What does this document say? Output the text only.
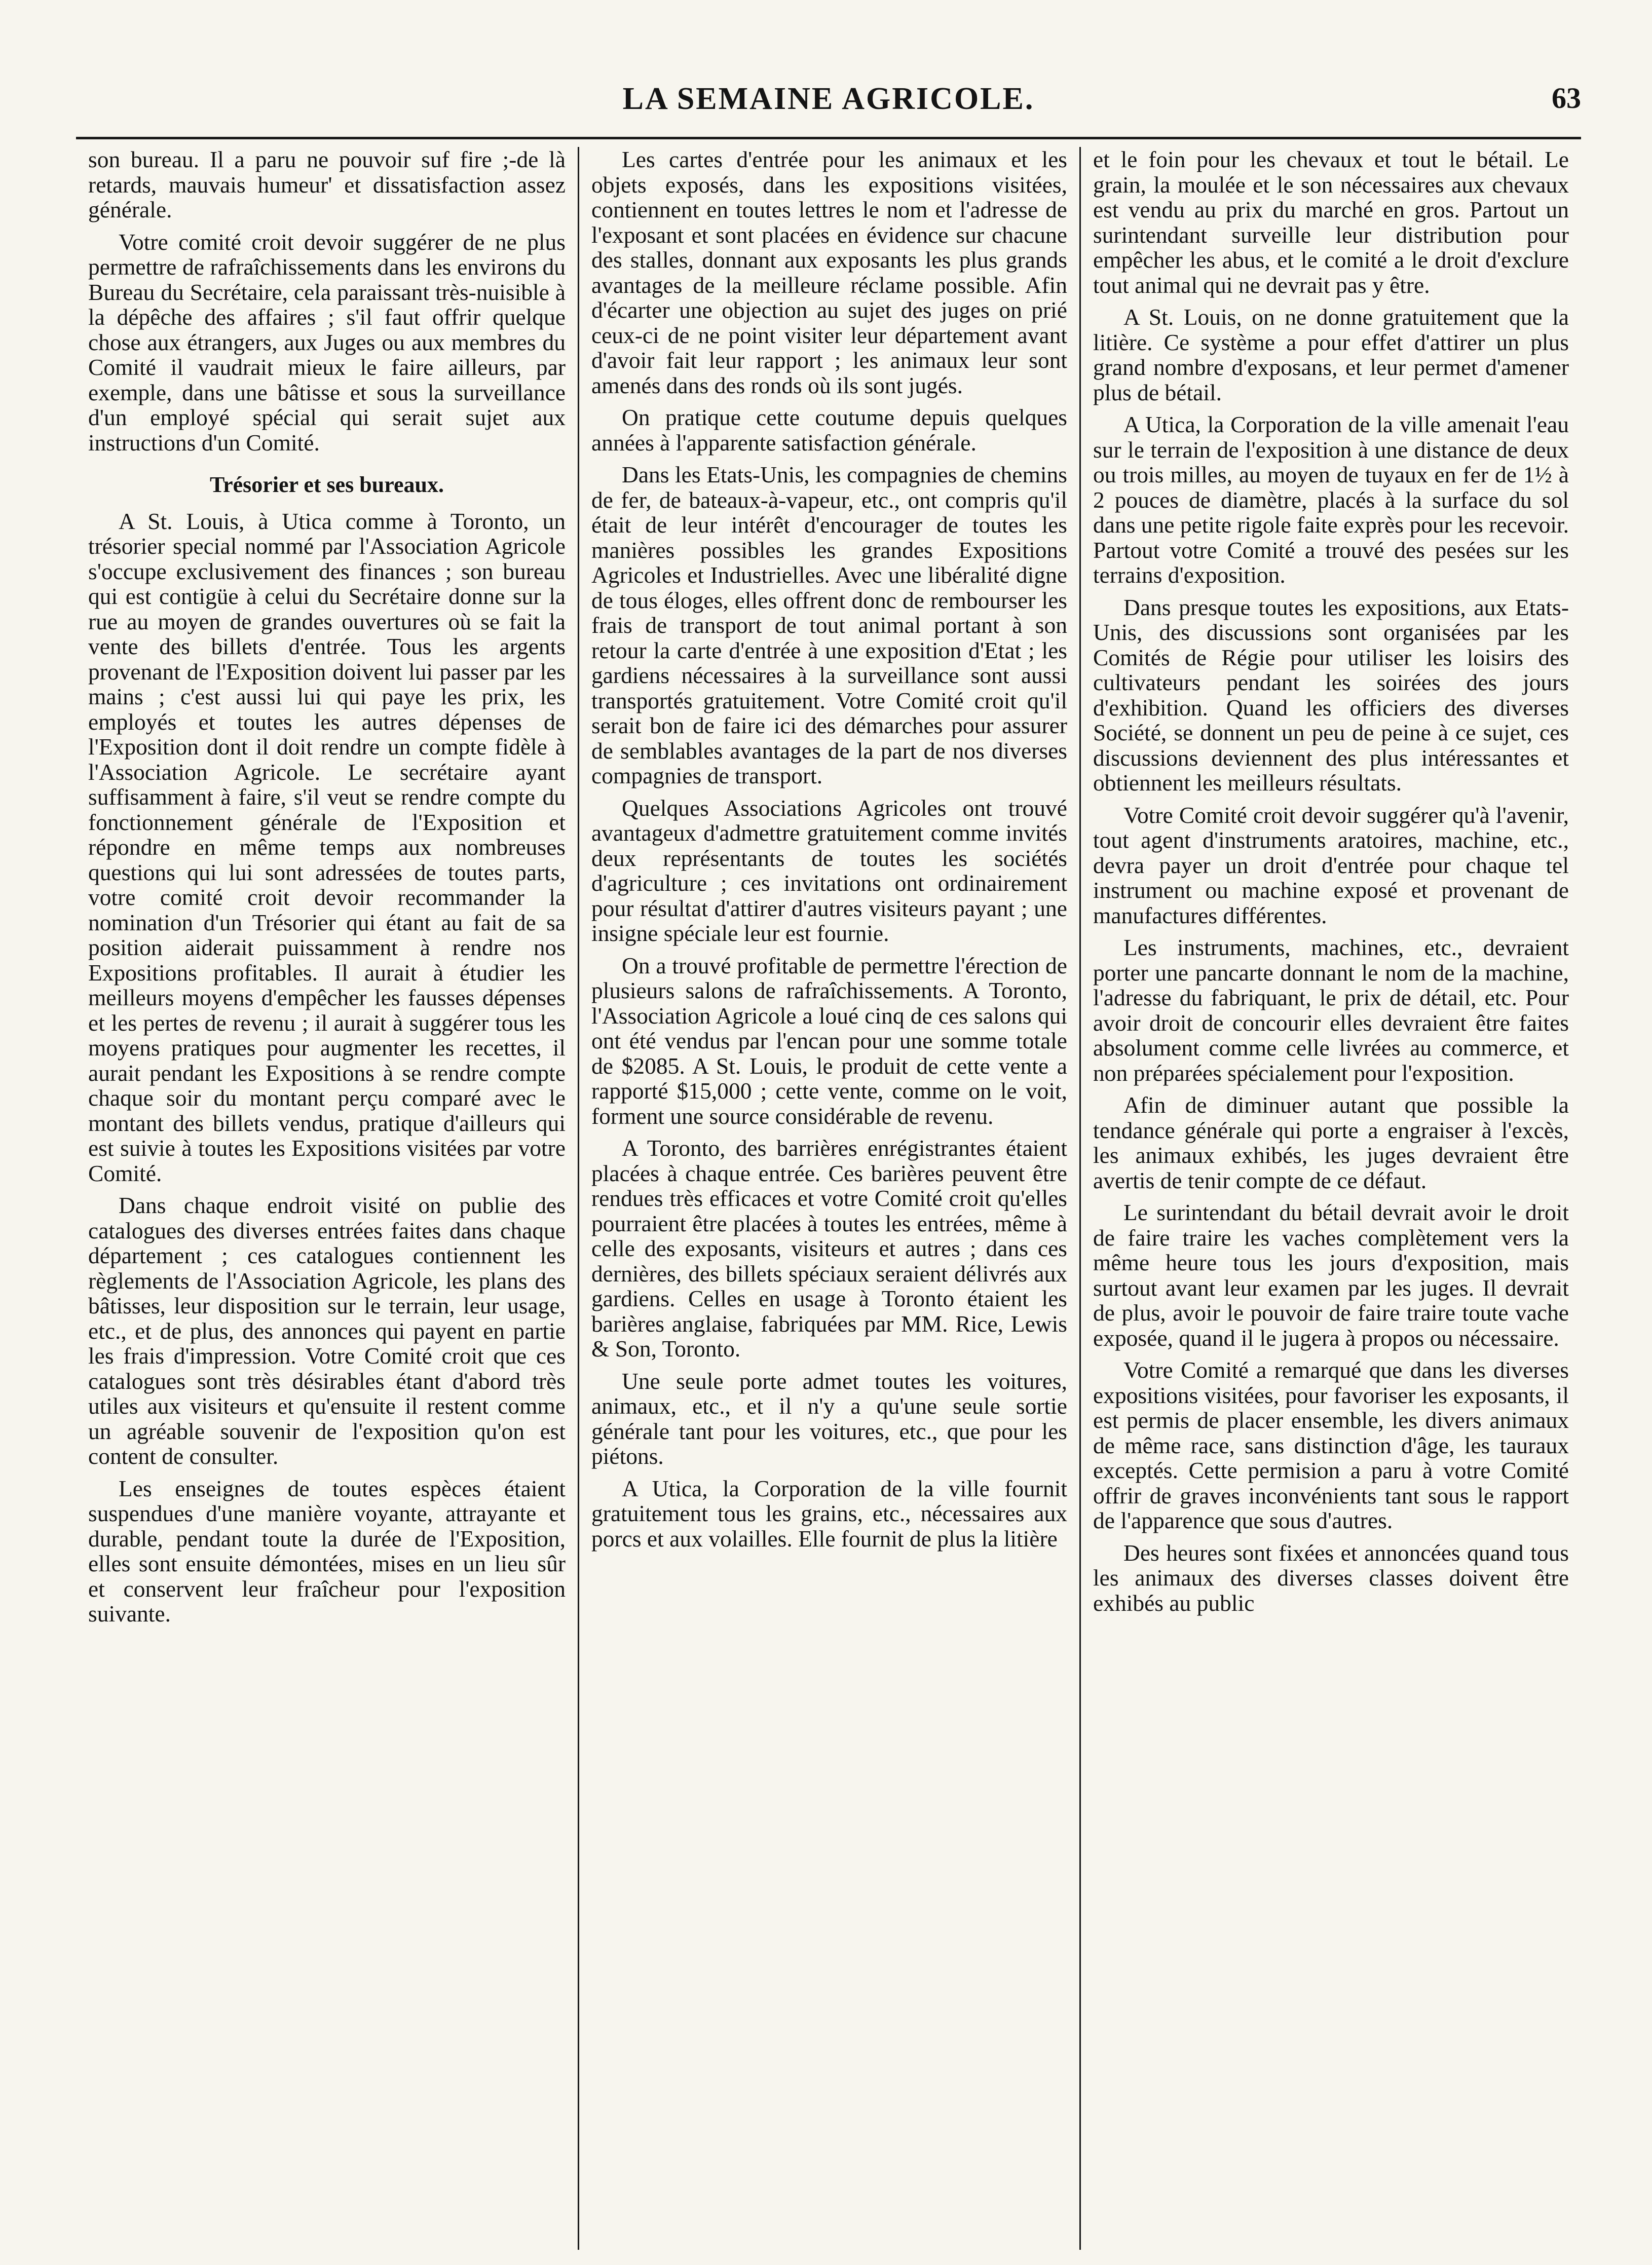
LA SEMAINE AGRICOLE.	63

son bureau. Il a paru ne pouvoir suf fire ;-de là retards, mauvais humeur' et dissatisfaction assez générale.

Votre comité croit devoir suggérer de ne plus permettre de rafraîchissements dans les environs du Bureau du Secrétaire, cela paraissant très-nuisible à la dépêche des affaires ; s'il faut offrir quelque chose aux étrangers, aux Juges ou aux membres du Comité il vaudrait mieux le faire ailleurs, par exemple, dans une bâtisse et sous la surveillance d'un employé spécial qui serait sujet aux instructions d'un Comité.

Trésorier et ses bureaux.

A St. Louis, à Utica comme à Toronto, un trésorier special nommé par l'Association Agricole s'occupe exclusivement des finances ; son bureau qui est contigüe à celui du Secrétaire donne sur la rue au moyen de grandes ouvertures où se fait la vente des billets d'entrée. Tous les argents provenant de l'Exposition doivent lui passer par les mains ; c'est aussi lui qui paye les prix, les employés et toutes les autres dépenses de l'Exposition dont il doit rendre un compte fidèle à l'Association Agricole. Le secrétaire ayant suffisamment à faire, s'il veut se rendre compte du fonctionnement générale de l'Exposition et répondre en même temps aux nombreuses questions qui lui sont adressées de toutes parts, votre comité croit devoir recommander la nomination d'un Trésorier qui étant au fait de sa position aiderait puissamment à rendre nos Expositions profitables. Il aurait à étudier les meilleurs moyens d'empêcher les fausses dépenses et les pertes de revenu ; il aurait à suggérer tous les moyens pratiques pour augmenter les recettes, il aurait pendant les Expositions à se rendre compte chaque soir du montant perçu comparé avec le montant des billets vendus, pratique d'ailleurs qui est suivie à toutes les Expositions visitées par votre Comité.

Dans chaque endroit visité on publie des catalogues des diverses entrées faites dans chaque département ; ces catalogues contiennent les règlements de l'Association Agricole, les plans des bâtisses, leur disposition sur le terrain, leur usage, etc., et de plus, des annonces qui payent en partie les frais d'impression. Votre Comité croit que ces catalogues sont très désirables étant d'abord très utiles aux visiteurs et qu'ensuite il restent comme un agréable souvenir de l'exposition qu'on est content de consulter.

Les enseignes de toutes espèces étaient suspendues d'une manière voyante, attrayante et durable, pendant toute la durée de l'Exposition, elles sont ensuite démontées, mises en un lieu sûr et conservent leur fraîcheur pour l'exposition suivante.

Les cartes d'entrée pour les animaux et les objets exposés, dans les expositions visitées, contiennent en toutes lettres le nom et l'adresse de l'exposant et sont placées en évidence sur chacune des stalles, donnant aux exposants les plus grands avantages de la meilleure réclame possible. Afin d'écarter une objection au sujet des juges on prié ceux-ci de ne point visiter leur département avant d'avoir fait leur rapport ; les animaux leur sont amenés dans des ronds où ils sont jugés.

On pratique cette coutume depuis quelques années à l'apparente satisfaction générale.

Dans les Etats-Unis, les compagnies de chemins de fer, de bateaux-à-vapeur, etc., ont compris qu'il était de leur intérêt d'encourager de toutes les manières possibles les grandes Expositions Agricoles et Industrielles. Avec une libéralité digne de tous éloges, elles offrent donc de rembourser les frais de transport de tout animal portant à son retour la carte d'entrée à une exposition d'Etat ; les gardiens nécessaires à la surveillance sont aussi transportés gratuitement. Votre Comité croit qu'il serait bon de faire ici des démarches pour assurer de semblables avantages de la part de nos diverses compagnies de transport.

Quelques Associations Agricoles ont trouvé avantageux d'admettre gratuitement comme invités deux représentants de toutes les sociétés d'agriculture ; ces invitations ont ordinairement pour résultat d'attirer d'autres visiteurs payant ; une insigne spéciale leur est fournie.

On a trouvé profitable de permettre l'érection de plusieurs salons de rafraîchissements. A Toronto, l'Association Agricole a loué cinq de ces salons qui ont été vendus par l'encan pour une somme totale de $2085. A St. Louis, le produit de cette vente a rapporté $15,000 ; cette vente, comme on le voit, forment une source considérable de revenu.

A Toronto, des barrières enrégistrantes étaient placées à chaque entrée. Ces barières peuvent être rendues très efficaces et votre Comité croit qu'elles pourraient être placées à toutes les entrées, même à celle des exposants, visiteurs et autres ; dans ces dernières, des billets spéciaux seraient délivrés aux gardiens. Celles en usage à Toronto étaient les barières anglaise, fabriquées par MM. Rice, Lewis & Son, Toronto.

Une seule porte admet toutes les voitures, animaux, etc., et il n'y a qu'une seule sortie générale tant pour les voitures, etc., que pour les piétons.

A Utica, la Corporation de la ville fournit gratuitement tous les grains, etc., nécessaires aux porcs et aux volailles. Elle fournit de plus la litière

et le foin pour les chevaux et tout le bétail. Le grain, la moulée et le son nécessaires aux chevaux est vendu au prix du marché en gros. Partout un surintendant surveille leur distribution pour empêcher les abus, et le comité a le droit d'exclure tout animal qui ne devrait pas y être.

A St. Louis, on ne donne gratuitement que la litière. Ce système a pour effet d'attirer un plus grand nombre d'exposans, et leur permet d'amener plus de bétail.

A Utica, la Corporation de la ville amenait l'eau sur le terrain de l'exposition à une distance de deux ou trois milles, au moyen de tuyaux en fer de 1½ à 2 pouces de diamètre, placés à la surface du sol dans une petite rigole faite exprès pour les recevoir. Partout votre Comité a trouvé des pesées sur les terrains d'exposition.

Dans presque toutes les expositions, aux Etats-Unis, des discussions sont organisées par les Comités de Régie pour utiliser les loisirs des cultivateurs pendant les soirées des jours d'exhibition. Quand les officiers des diverses Société, se donnent un peu de peine à ce sujet, ces discussions deviennent des plus intéressantes et obtiennent les meilleurs résultats.

Votre Comité croit devoir suggérer qu'à l'avenir, tout agent d'instruments aratoires, machine, etc., devra payer un droit d'entrée pour chaque tel instrument ou machine exposé et provenant de manufactures différentes.

Les instruments, machines, etc., devraient porter une pancarte donnant le nom de la machine, l'adresse du fabriquant, le prix de détail, etc. Pour avoir droit de concourir elles devraient être faites absolument comme celle livrées au commerce, et non préparées spécialement pour l'exposition.

Afin de diminuer autant que possible la tendance générale qui porte a engraiser à l'excès, les animaux exhibés, les juges devraient être avertis de tenir compte de ce défaut.

Le surintendant du bétail devrait avoir le droit de faire traire les vaches complètement vers la même heure tous les jours d'exposition, mais surtout avant leur examen par les juges. Il devrait de plus, avoir le pouvoir de faire traire toute vache exposée, quand il le jugera à propos ou nécessaire.

Votre Comité a remarqué que dans les diverses expositions visitées, pour favoriser les exposants, il est permis de placer ensemble, les divers animaux de même race, sans distinction d'âge, les tauraux exceptés. Cette permision a paru à votre Comité offrir de graves inconvénients tant sous le rapport de l'apparence que sous d'autres.

Des heures sont fixées et annoncées quand tous les animaux des diverses classes doivent être exhibés au public
